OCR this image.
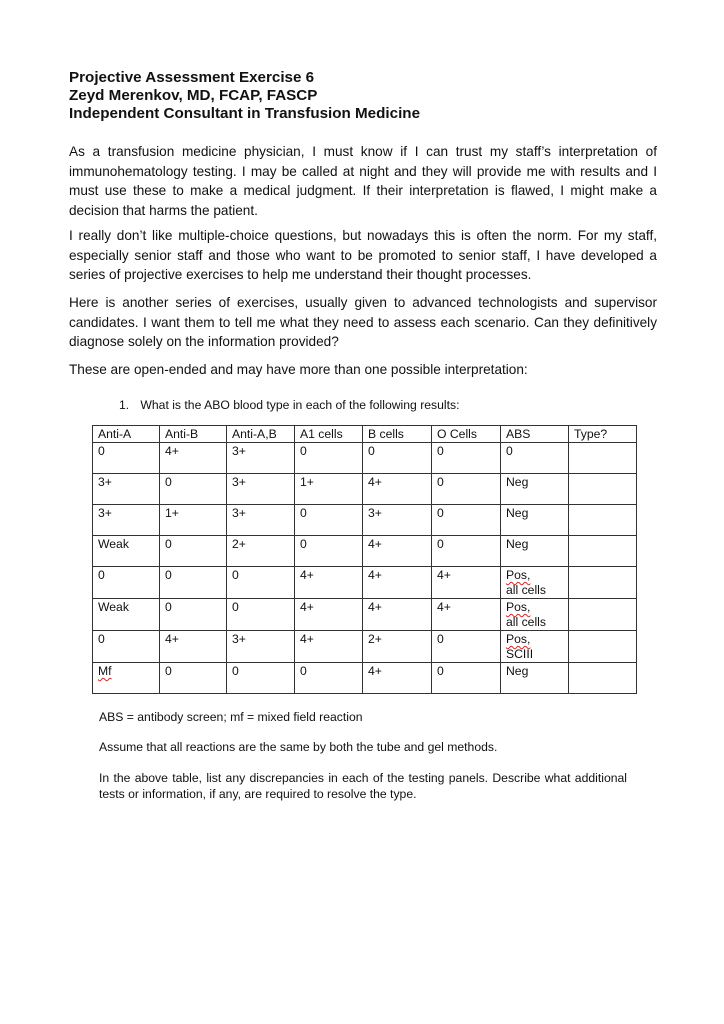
Projective Assessment Exercise 6
Zeyd Merenkov, MD, FCAP, FASCP
Independent Consultant in Transfusion Medicine
As a transfusion medicine physician, I must know if I can trust my staff’s interpretation of immunohematology testing. I may be called at night and they will provide me with results and I must use these to make a medical judgment. If their interpretation is flawed, I might make a decision that harms the patient.
I really don’t like multiple-choice questions, but nowadays this is often the norm. For my staff, especially senior staff and those who want to be promoted to senior staff, I have developed a series of projective exercises to help me understand their thought processes.
Here is another series of exercises, usually given to advanced technologists and supervisor candidates. I want them to tell me what they need to assess each scenario. Can they definitively diagnose solely on the information provided?
These are open-ended and may have more than one possible interpretation:
1. What is the ABO blood type in each of the following results:
Anti-A	Anti-B	Anti-A,B	A1 cells	B cells	O Cells	ABS	Type?
0	4+	3+	0	0	0	0	
3+	0	3+	1+	4+	0	Neg	
3+	1+	3+	0	3+	0	Neg	
Weak	0	2+	0	4+	0	Neg	
0	0	0	4+	4+	4+	Pos,
all cells	
Weak	0	0	4+	4+	4+	Pos,
all cells	
0	4+	3+	4+	2+	0	Pos,
SCIII	
Mf	0	0	0	4+	0	Neg	
ABS = antibody screen; mf = mixed field reaction
Assume that all reactions are the same by both the tube and gel methods.
In the above table, list any discrepancies in each of the testing panels. Describe what additional tests or information, if any, are required to resolve the type.
